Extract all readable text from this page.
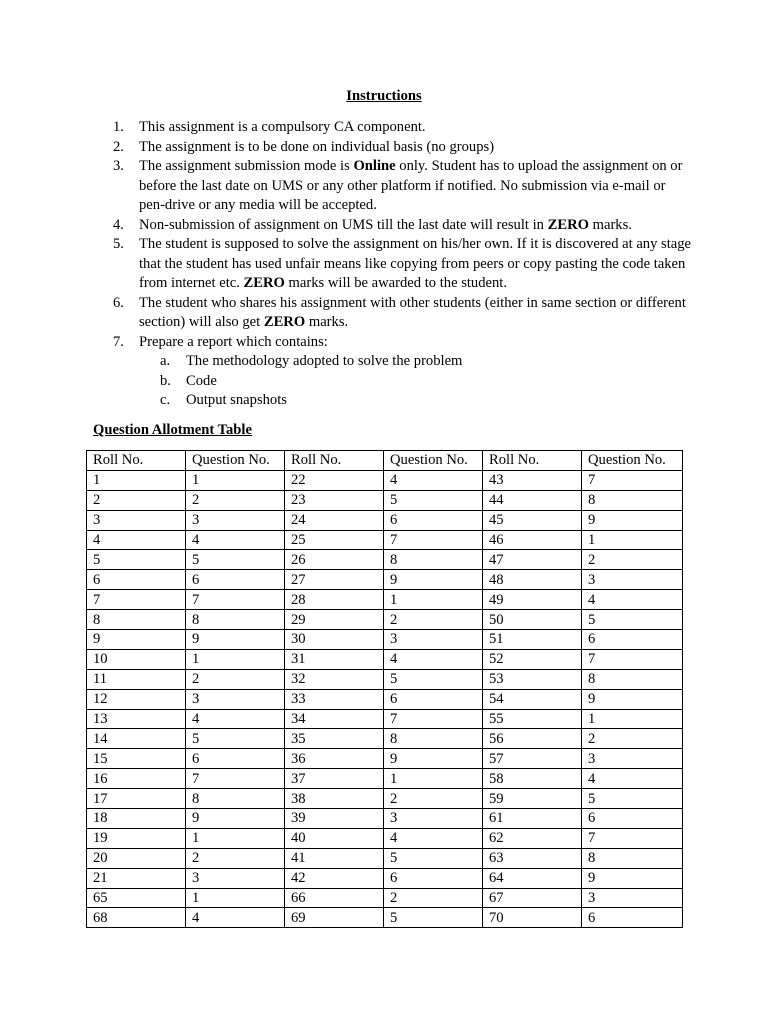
Instructions
1. This assignment is a compulsory CA component.
2. The assignment is to be done on individual basis (no groups)
3. The assignment submission mode is Online only. Student has to upload the assignment on or before the last date on UMS or any other platform if notified. No submission via e-mail or pen-drive or any media will be accepted.
4. Non-submission of assignment on UMS till the last date will result in ZERO marks.
5. The student is supposed to solve the assignment on his/her own. If it is discovered at any stage that the student has used unfair means like copying from peers or copy pasting the code taken from internet etc. ZERO marks will be awarded to the student.
6. The student who shares his assignment with other students (either in same section or different section) will also get ZERO marks.
7. Prepare a report which contains:
a. The methodology adopted to solve the problem
b. Code
c. Output snapshots
Question Allotment Table
Roll No.	Question No.	Roll No.	Question No.	Roll No.	Question No.
1	1	22	4	43	7
2	2	23	5	44	8
3	3	24	6	45	9
4	4	25	7	46	1
5	5	26	8	47	2
6	6	27	9	48	3
7	7	28	1	49	4
8	8	29	2	50	5
9	9	30	3	51	6
10	1	31	4	52	7
11	2	32	5	53	8
12	3	33	6	54	9
13	4	34	7	55	1
14	5	35	8	56	2
15	6	36	9	57	3
16	7	37	1	58	4
17	8	38	2	59	5
18	9	39	3	61	6
19	1	40	4	62	7
20	2	41	5	63	8
21	3	42	6	64	9
65	1	66	2	67	3
68	4	69	5	70	6
